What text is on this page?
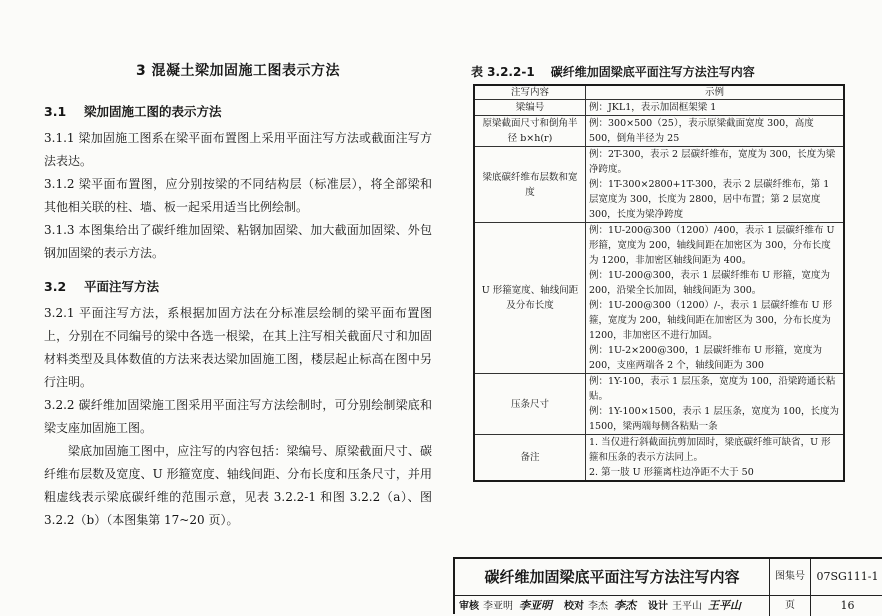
3 混凝土梁加固施工图表示方法
3.1 梁加固施工图的表示方法

3.1.1 梁加固施工图系在梁平面布置图上采用平面注写方法或截面注写方法表达。

3.1.2 梁平面布置图，应分别按梁的不同结构层（标准层），将全部梁和其他相关联的柱、墙、板一起采用适当比例绘制。

3.1.3 本图集给出了碳纤维加固梁、粘钢加固梁、加大截面加固梁、外包钢加固梁的表示方法。

3.2 平面注写方法

3.2.1 平面注写方法，系根据加固方法在分标准层绘制的梁平面布置图上，分别在不同编号的梁中各选一根梁，在其上注写相关截面尺寸和加固材料类型及具体数值的方法来表达梁加固施工图，楼层起止标高在图中另行注明。

3.2.2 碳纤维加固梁施工图采用平面注写方法绘制时，可分别绘制梁底和梁支座加固施工图。

梁底加固施工图中，应注写的内容包括：梁编号、原梁截面尺寸、碳纤维布层数及宽度、U 形箍宽度、轴线间距、分布长度和压条尺寸，并用粗虚线表示梁底碳纤维的范围示意，见表 3.2.2-1 和图 3.2.2（a）、图 3.2.2（b）（本图集第 17~20 页）。

表 3.2.2-1 碳纤维加固梁底平面注写方法注写内容
注写内容	示例
梁编号	例：JKL1，表示加固框架梁 1

原梁截面尺寸和倒角半径 b×h(r)	例：300×500（25），表示原梁截面宽度 300，高度 500，倒角半径为 25

梁底碳纤维布层数和宽度	例：2T-300，表示 2 层碳纤维布，宽度为 300，长度为梁净跨度。
例：1T-300×2800+1T-300，表示 2 层碳纤维布，第 1 层宽度为 300，长度为 2800，居中布置；第 2 层宽度 300，长度为梁净跨度

U 形箍宽度、轴线间距及分布长度	例：1U-200@300（1200）/400，表示 1 层碳纤维布 U 形箍，宽度为 200，轴线间距在加密区为 300，分布长度为 1200，非加密区轴线间距为 400。
例：1U-200@300，表示 1 层碳纤维布 U 形箍，宽度为 200，沿梁全长加固，轴线间距为 300。
例：1U-200@300（1200）/-，表示 1 层碳纤维布 U 形箍，宽度为 200，轴线间距在加密区为 300，分布长度为 1200，非加密区不进行加固。
例：1U-2×200@300，1 层碳纤维布 U 形箍，宽度为 200，支座两端各 2 个，轴线间距为 300

压条尺寸	例：1Y-100，表示 1 层压条，宽度为 100，沿梁跨通长粘贴。
例：1Y-100×1500，表示 1 层压条，宽度为 100，长度为 1500，梁两端每侧各粘贴一条

备注	1. 当仅进行斜截面抗剪加固时，梁底碳纤维可缺省，U 形箍和压条的表示方法同上。
2. 第一肢 U 形箍离柱边净距不大于 50
碳纤维加固梁底平面注写方法注写内容	图集号	07SG111-1
审核 李亚明 李亚明 校对 李杰 李杰 设计 王平山 王平山	页	16
